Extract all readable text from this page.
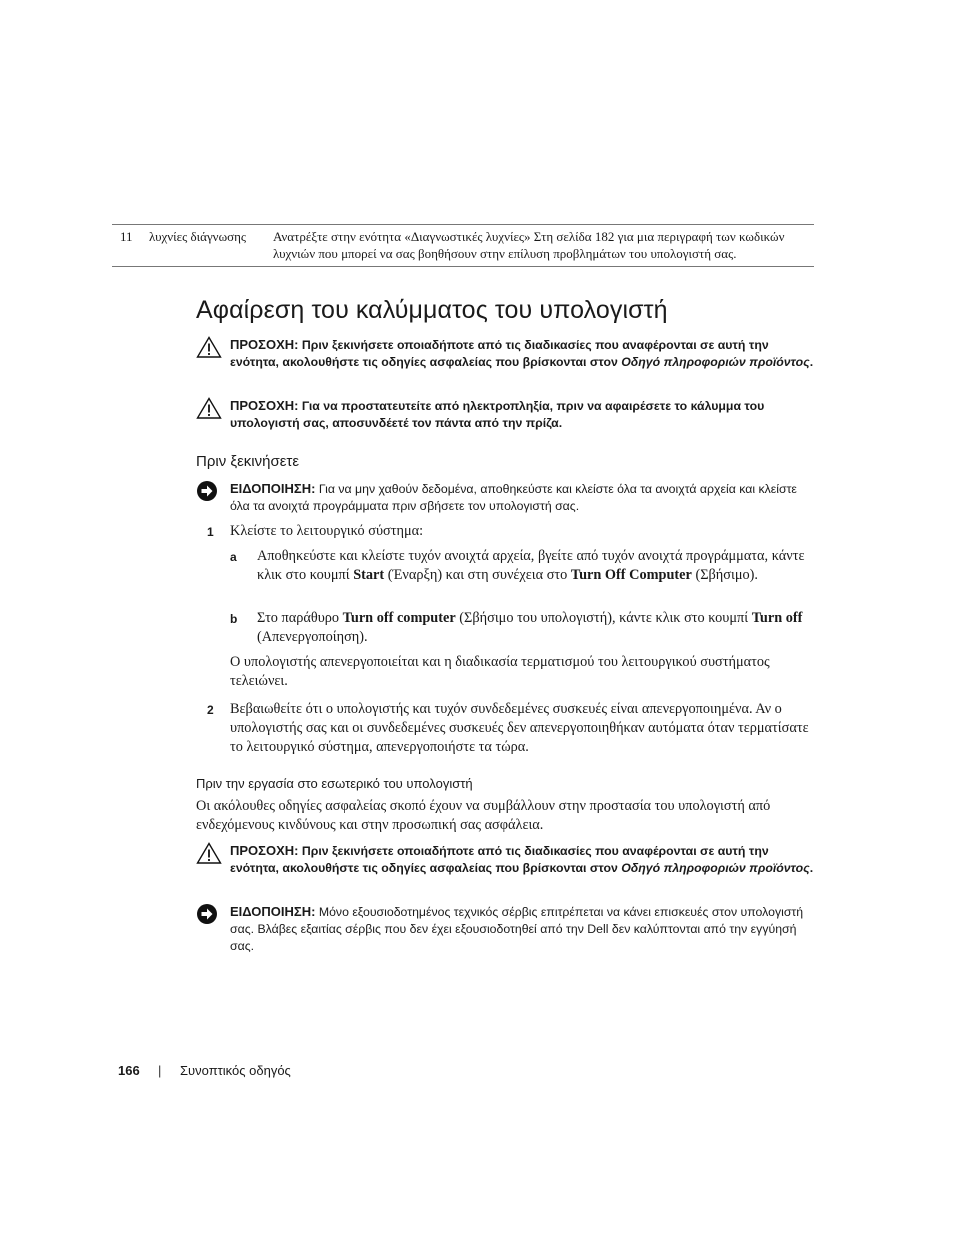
11	λυχνίες διάγνωσης	Ανατρέξτε στην ενότητα «Διαγνωστικές λυχνίες» Στη σελίδα 182 για μια περιγραφή των κωδικών λυχνιών που μπορεί να σας βοηθήσουν στην επίλυση προβλημάτων του υπολογιστή σας.
Αφαίρεση του καλύμματος του υπολογιστή
ΠΡΟΣΟΧΗ: Πριν ξεκινήσετε οποιαδήποτε από τις διαδικασίες που αναφέρονται σε αυτή την ενότητα, ακολουθήστε τις οδηγίες ασφαλείας που βρίσκονται στον Οδηγό πληροφοριών προϊόντος.
ΠΡΟΣΟΧΗ: Για να προστατευτείτε από ηλεκτροπληξία, πριν να αφαιρέσετε το κάλυμμα του υπολογιστή σας, αποσυνδέετέ τον πάντα από την πρίζα.
Πριν ξεκινήσετε
ΕΙΔΟΠΟΙΗΣΗ: Για να μην χαθούν δεδομένα, αποθηκεύστε και κλείστε όλα τα ανοιχτά αρχεία και κλείστε όλα τα ανοιχτά προγράμματα πριν σβήσετε τον υπολογιστή σας.
1 Κλείστε το λειτουργικό σύστημα:
a Αποθηκεύστε και κλείστε τυχόν ανοιχτά αρχεία, βγείτε από τυχόν ανοιχτά προγράμματα, κάντε κλικ στο κουμπί Start (Έναρξη) και στη συνέχεια στο Turn Off Computer (Σβήσιμο).
b Στο παράθυρο Turn off computer (Σβήσιμο του υπολογιστή), κάντε κλικ στο κουμπί Turn off (Απενεργοποίηση).
Ο υπολογιστής απενεργοποιείται και η διαδικασία τερματισμού του λειτουργικού συστήματος τελειώνει.
2 Βεβαιωθείτε ότι ο υπολογιστής και τυχόν συνδεδεμένες συσκευές είναι απενεργοποιημένα. Αν ο υπολογιστής σας και οι συνδεδεμένες συσκευές δεν απενεργοποιηθήκαν αυτόματα όταν τερματίσατε το λειτουργικό σύστημα, απενεργοποιήστε τα τώρα.
Πριν την εργασία στο εσωτερικό του υπολογιστή
Οι ακόλουθες οδηγίες ασφαλείας σκοπό έχουν να συμβάλλουν στην προστασία του υπολογιστή από ενδεχόμενους κινδύνους και στην προσωπική σας ασφάλεια.
ΠΡΟΣΟΧΗ: Πριν ξεκινήσετε οποιαδήποτε από τις διαδικασίες που αναφέρονται σε αυτή την ενότητα, ακολουθήστε τις οδηγίες ασφαλείας που βρίσκονται στον Οδηγό πληροφοριών προϊόντος.
ΕΙΔΟΠΟΙΗΣΗ: Μόνο εξουσιοδοτημένος τεχνικός σέρβις επιτρέπεται να κάνει επισκευές στον υπολογιστή σας. Βλάβες εξαιτίας σέρβις που δεν έχει εξουσιοδοτηθεί από την Dell δεν καλύπτονται από την εγγύησή σας.
166 | Συνοπτικός οδηγός
